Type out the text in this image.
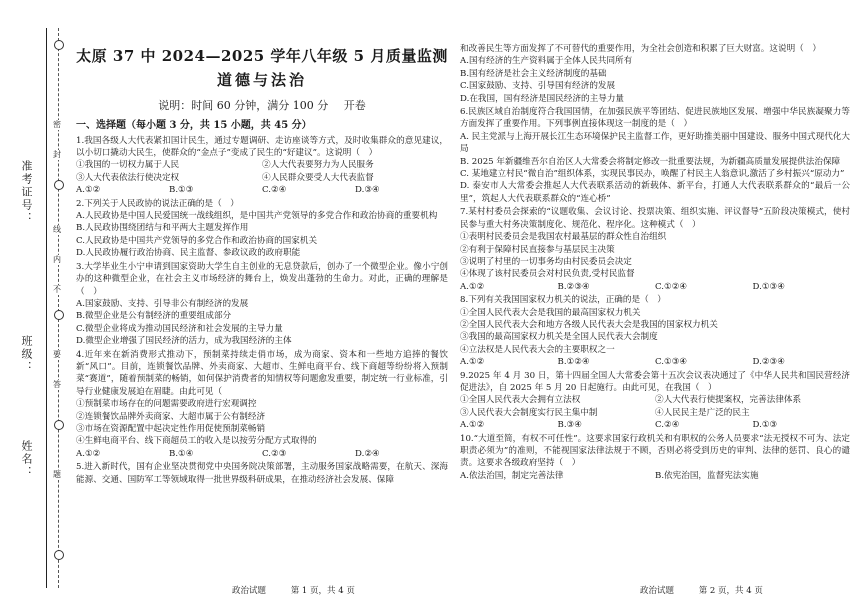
准考证号：
班级：
姓名：
密
封
线
内
不
要
答
题
太原 37 中 2024—2025 学年八年级 5 月质量监测
道德与法治
说明：时间 60 分钟，满分 100 分 开卷
一、选择题（每小题 3 分，共 15 小题，共 45 分）
1.我国各级人大代表紧扣国计民生，通过专题调研、走访座谈等方式，及时收集群众的意见建议，以小切口撬动大民生，使群众的“金点子”变成了民生的“好建议”。这说明（　）
①我国的一切权力属于人民	②人大代表要努力为人民服务
③人大代表依法行使决定权	④人民群众要受人大代表监督
A.①②	B.①③	C.②④	D.③④
2.下列关于人民政协的说法正确的是（　）
A.人民政协是中国人民爱国统一战线组织，是中国共产党领导的多党合作和政治协商的重要机构
B.人民政协围绕团结与和平两大主题发挥作用
C.人民政协是中国共产党领导的多党合作和政治协商的国家机关
D.人民政协履行政治协商、民主监督、参政议政的政府职能
3.大学毕业生小宁申请到国家资助大学生自主创业的无息贷款后，创办了一个微型企业。像小宁创办的这种微型企业，在社会主义市场经济的舞台上，焕发出蓬勃的生命力。对此，正确的理解是（　）
A.国家鼓励、支持、引导非公有制经济的发展
B.微型企业是公有制经济的重要组成部分
C.微型企业将成为推动国民经济和社会发展的主导力量
D.微型企业增强了国民经济的活力，成为我国经济的主体
4.近年来在新消费形式推动下，预制菜持续走俏市场，成为商家、资本和一些地方追捧的餐饮新“风口”。目前，连锁餐饮品牌、外卖商家、大超市、生鲜电商平台、线下商超等纷纷将入预制菜“赛道”，随着预制菜的畅销，如何保护消费者的知情权等问题愈发重要，制定统一行业标准，引导行业健康发展迫在眉睫。由此可见（
①预制菜市场存在的问题需要政府进行宏观调控
②连锁餐饮品牌外卖商家、大超市属于公有制经济
③市场在资源配置中起决定性作用促使预制菜畅销
④生鲜电商平台、线下商超员工的收入是以按劳分配方式取得的
A.①②	B.①④	C.②③	D.②④
5.进入新时代，国有企业坚决贯彻党中央国务院决策部署，主动服务国家战略需要，在航天、深海能源、交通、国防军工等领域取得一批世界级科研成果，在推动经济社会发展、保障
政治试题	第 1 页，共 4 页
和改善民生等方面发挥了不可替代的重要作用，为全社会创造和积累了巨大财富。这说明（　）
A.国有经济的生产资料属于全体人民共同所有
B.国有经济是社会主义经济制度的基础
C.国家鼓励、支持、引导国有经济的发展
D.在我国，国有经济是国民经济的主导力量
6.民族区域自治制度符合我国国情，在加强民族平等团结、促进民族地区发展、增强中华民族凝聚力等方面发挥了重要作用。下列事例直接体现这一制度的是（　）
A. 民主党派与上海开展长江生态环境保护民主监督工作，更好助推美丽中国建设、服务中国式现代化大局
B. 2025 年新疆维吾尔自治区人大常委会将制定修改一批重要法规，为新疆高质量发展提供法治保障
C. 某地建立村民“微自治”组织体系，实现民事民办，唤醒了村民主人翁意识,激活了乡村振兴“原动力”
D. 泰安市人大常委会推起人大代表联系活动的新载体、新平台，打通人大代表联系群众的“最后一公里”，筑起人大代表联系群众的“连心桥”
7.某村村委员会探索的“议题收集、会议讨论、投票决策、组织实施、评议督导”五阶段决策模式，使村民参与重大村务决策制度化、规范化、程序化。这种模式（　）
①表明村民委员会是我国农村最基层的群众性自治组织
②有利于保障村民直接参与基层民主决策
③说明了村里的一切事务均由村民委员会决定
④体现了该村民委员会对村民负责,受村民监督
A.①②	B.②③④	C.①②④	D.①③④
8.下列有关我国国家权力机关的说法，正确的是（　）
①全国人民代表大会是我国的最高国家权力机关
②全国人民代表大会和地方各级人民代表大会是我国的国家权力机关
③我国的最高国家权力机关是全国人民代表大会制度
④立法权是人民代表大会的主要职权之一
A.①②	B.①②④	C.①③④	D.②③④
9.2025 年 4 月 30 日，第十四届全国人大常委会第十五次会议表决通过了《中华人民共和国民营经济促进法》，自 2025 年 5 月 20 日起施行。由此可见，在我国（　）
①全国人民代表大会拥有立法权	②人大代表行使提案权，完善法律体系
③人民代表大会制度实行民主集中制	④人民民主是广泛的民主
A.①②	B.③④	C.②④	D.①③
10.“大道至简，有权不可任性”。这要求国家行政机关和有职权的公务人员要求“法无授权不可为、法定职责必须为”的准则，不能视国家法律法规于不顾，否则必将受到历史的审判、法律的惩罚、良心的谴责。这要求各级政府坚持（　）
A.依法治国，制定完善法律	B.依宪治国，监督宪法实施
政治试题	第 2 页，共 4 页
